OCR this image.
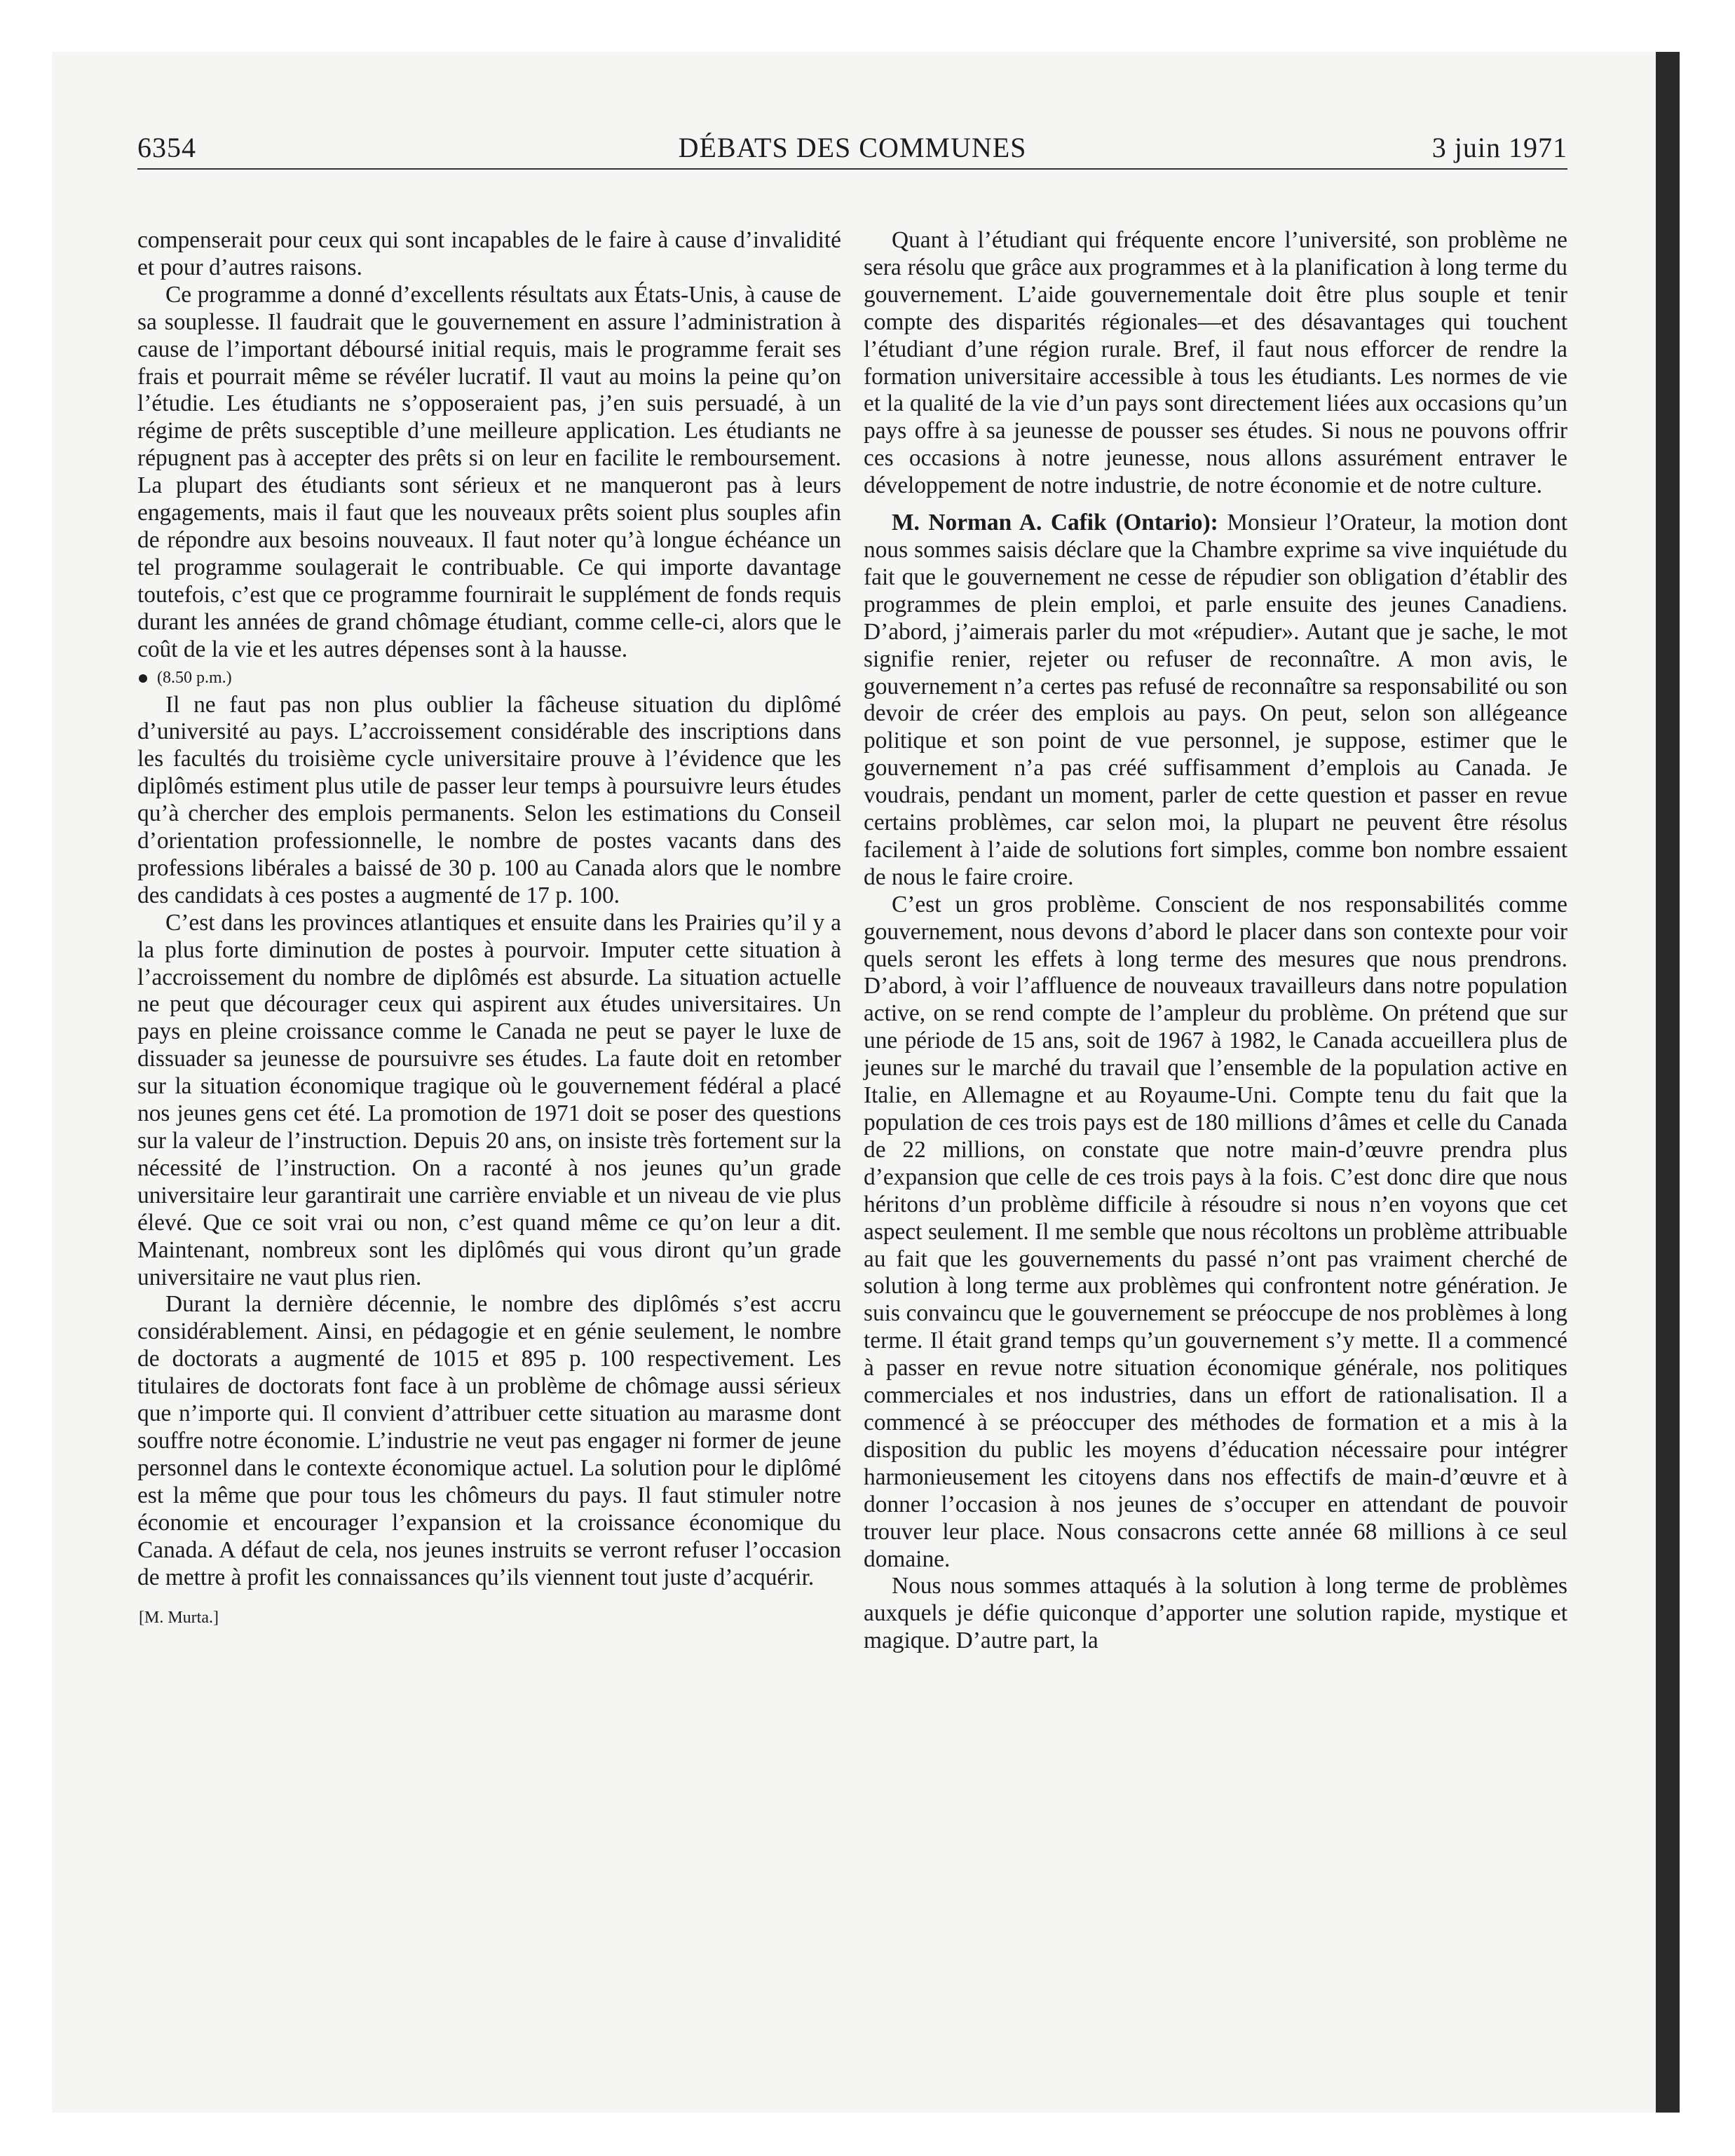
6354	DÉBATS DES COMMUNES	3 juin 1971

compenserait pour ceux qui sont incapables de le faire à cause d’invalidité et pour d’autres raisons.

Ce programme a donné d’excellents résultats aux États-Unis, à cause de sa souplesse. Il faudrait que le gouvernement en assure l’administration à cause de l’important déboursé initial requis, mais le programme ferait ses frais et pourrait même se révéler lucratif. Il vaut au moins la peine qu’on l’étudie. Les étudiants ne s’opposeraient pas, j’en suis persuadé, à un régime de prêts susceptible d’une meilleure application. Les étudiants ne répugnent pas à accepter des prêts si on leur en facilite le remboursement. La plupart des étudiants sont sérieux et ne manqueront pas à leurs engagements, mais il faut que les nouveaux prêts soient plus souples afin de répondre aux besoins nouveaux. Il faut noter qu’à longue échéance un tel programme soulagerait le contribuable. Ce qui importe davantage toutefois, c’est que ce programme fournirait le supplément de fonds requis durant les années de grand chômage étudiant, comme celle-ci, alors que le coût de la vie et les autres dépenses sont à la hausse.

(8.50 p.m.)

Il ne faut pas non plus oublier la fâcheuse situation du diplômé d’université au pays. L’accroissement considérable des inscriptions dans les facultés du troisième cycle universitaire prouve à l’évidence que les diplômés estiment plus utile de passer leur temps à poursuivre leurs études qu’à chercher des emplois permanents. Selon les estimations du Conseil d’orientation professionnelle, le nombre de postes vacants dans des professions libérales a baissé de 30 p. 100 au Canada alors que le nombre des candidats à ces postes a augmenté de 17 p. 100.

C’est dans les provinces atlantiques et ensuite dans les Prairies qu’il y a la plus forte diminution de postes à pourvoir. Imputer cette situation à l’accroissement du nombre de diplômés est absurde. La situation actuelle ne peut que décourager ceux qui aspirent aux études universitaires. Un pays en pleine croissance comme le Canada ne peut se payer le luxe de dissuader sa jeunesse de poursuivre ses études. La faute doit en retomber sur la situation économique tragique où le gouvernement fédéral a placé nos jeunes gens cet été. La promotion de 1971 doit se poser des questions sur la valeur de l’instruction. Depuis 20 ans, on insiste très fortement sur la nécessité de l’instruction. On a raconté à nos jeunes qu’un grade universitaire leur garantirait une carrière enviable et un niveau de vie plus élevé. Que ce soit vrai ou non, c’est quand même ce qu’on leur a dit. Maintenant, nombreux sont les diplômés qui vous diront qu’un grade universitaire ne vaut plus rien.

Durant la dernière décennie, le nombre des diplômés s’est accru considérablement. Ainsi, en pédagogie et en génie seulement, le nombre de doctorats a augmenté de 1015 et 895 p. 100 respectivement. Les titulaires de doctorats font face à un problème de chômage aussi sérieux que n’importe qui. Il convient d’attribuer cette situation au marasme dont souffre notre économie. L’industrie ne veut pas engager ni former de jeune personnel dans le contexte économique actuel. La solution pour le diplômé est la même que pour tous les chômeurs du pays. Il faut stimuler notre économie et encourager l’expansion et la croissance économique du Canada. A défaut de cela, nos jeunes instruits se verront refuser l’occasion de mettre à profit les connaissances qu’ils viennent tout juste d’acquérir.

[M. Murta.]

Quant à l’étudiant qui fréquente encore l’université, son problème ne sera résolu que grâce aux programmes et à la planification à long terme du gouvernement. L’aide gouvernementale doit être plus souple et tenir compte des disparités régionales—et des désavantages qui touchent l’étudiant d’une région rurale. Bref, il faut nous efforcer de rendre la formation universitaire accessible à tous les étudiants. Les normes de vie et la qualité de la vie d’un pays sont directement liées aux occasions qu’un pays offre à sa jeunesse de pousser ses études. Si nous ne pouvons offrir ces occasions à notre jeunesse, nous allons assurément entraver le développement de notre industrie, de notre économie et de notre culture.

M. Norman A. Cafik (Ontario): Monsieur l’Orateur, la motion dont nous sommes saisis déclare que la Chambre exprime sa vive inquiétude du fait que le gouvernement ne cesse de répudier son obligation d’établir des programmes de plein emploi, et parle ensuite des jeunes Canadiens. D’abord, j’aimerais parler du mot «répudier». Autant que je sache, le mot signifie renier, rejeter ou refuser de reconnaître. A mon avis, le gouvernement n’a certes pas refusé de reconnaître sa responsabilité ou son devoir de créer des emplois au pays. On peut, selon son allégeance politique et son point de vue personnel, je suppose, estimer que le gouvernement n’a pas créé suffisamment d’emplois au Canada. Je voudrais, pendant un moment, parler de cette question et passer en revue certains problèmes, car selon moi, la plupart ne peuvent être résolus facilement à l’aide de solutions fort simples, comme bon nombre essaient de nous le faire croire.

C’est un gros problème. Conscient de nos responsabilités comme gouvernement, nous devons d’abord le placer dans son contexte pour voir quels seront les effets à long terme des mesures que nous prendrons. D’abord, à voir l’affluence de nouveaux travailleurs dans notre population active, on se rend compte de l’ampleur du problème. On prétend que sur une période de 15 ans, soit de 1967 à 1982, le Canada accueillera plus de jeunes sur le marché du travail que l’ensemble de la population active en Italie, en Allemagne et au Royaume-Uni. Compte tenu du fait que la population de ces trois pays est de 180 millions d’âmes et celle du Canada de 22 millions, on constate que notre main-d’œuvre prendra plus d’expansion que celle de ces trois pays à la fois. C’est donc dire que nous héritons d’un problème difficile à résoudre si nous n’en voyons que cet aspect seulement. Il me semble que nous récoltons un problème attribuable au fait que les gouvernements du passé n’ont pas vraiment cherché de solution à long terme aux problèmes qui confrontent notre génération. Je suis convaincu que le gouvernement se préoccupe de nos problèmes à long terme. Il était grand temps qu’un gouvernement s’y mette. Il a commencé à passer en revue notre situation économique générale, nos politiques commerciales et nos industries, dans un effort de rationalisation. Il a commencé à se préoccuper des méthodes de formation et a mis à la disposition du public les moyens d’éducation nécessaire pour intégrer harmonieusement les citoyens dans nos effectifs de main-d’œuvre et à donner l’occasion à nos jeunes de s’occuper en attendant de pouvoir trouver leur place. Nous consacrons cette année 68 millions à ce seul domaine.

Nous nous sommes attaqués à la solution à long terme de problèmes auxquels je défie quiconque d’apporter une solution rapide, mystique et magique. D’autre part, la
